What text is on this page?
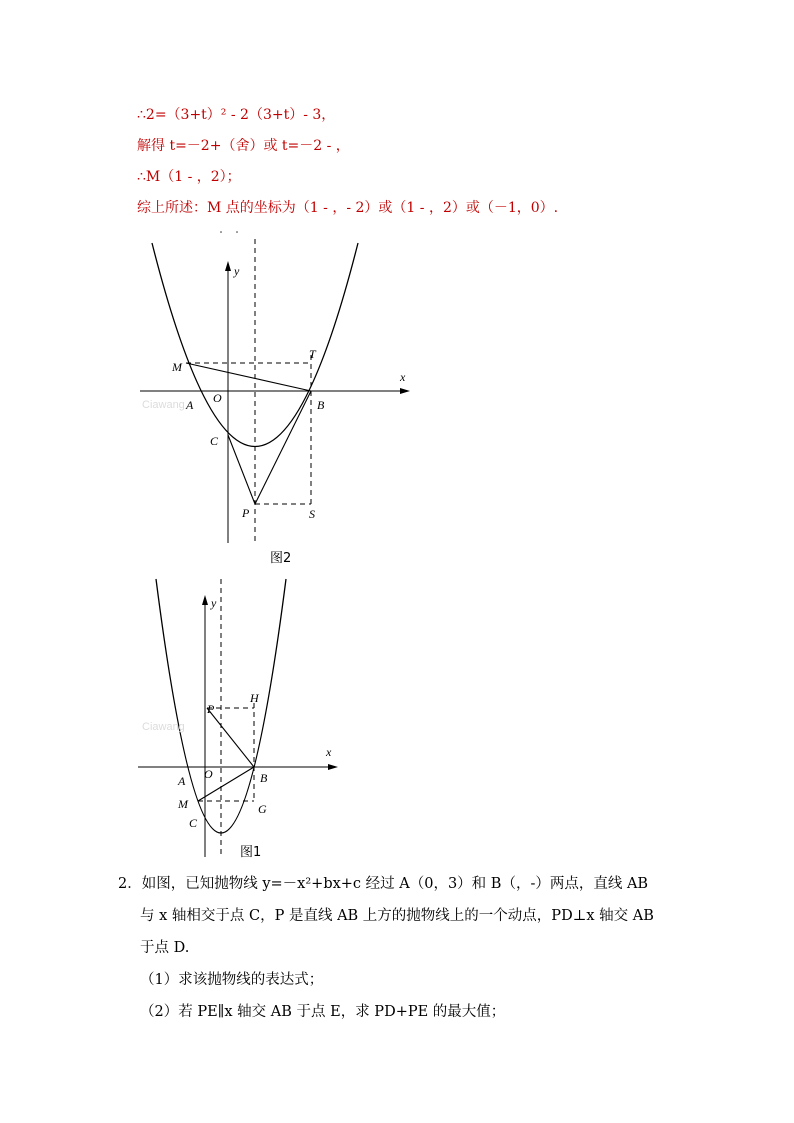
∴2=（3+t）² - 2（3+t）- 3，
解得 t=－2+（舍）或 t=－2 - ，
∴M（1 - ，2）；
综上所述：M 点的坐标为（1 - ，- 2）或（1 - ，2）或（－1，0）.
Ciawang
y
x
M
T
A O	B
C
P	S
图2
Ciawang
y
x
P
H
A O	B
M	G
C
图1
2．如图，已知抛物线 y=－x²+bx+c 经过 A（0，3）和 B（，-）两点，直线 AB
与 x 轴相交于点 C，P 是直线 AB 上方的抛物线上的一个动点，PD⊥x 轴交 AB
于点 D.
（1）求该抛物线的表达式；
（2）若 PE∥x 轴交 AB 于点 E，求 PD+PE 的最大值；
